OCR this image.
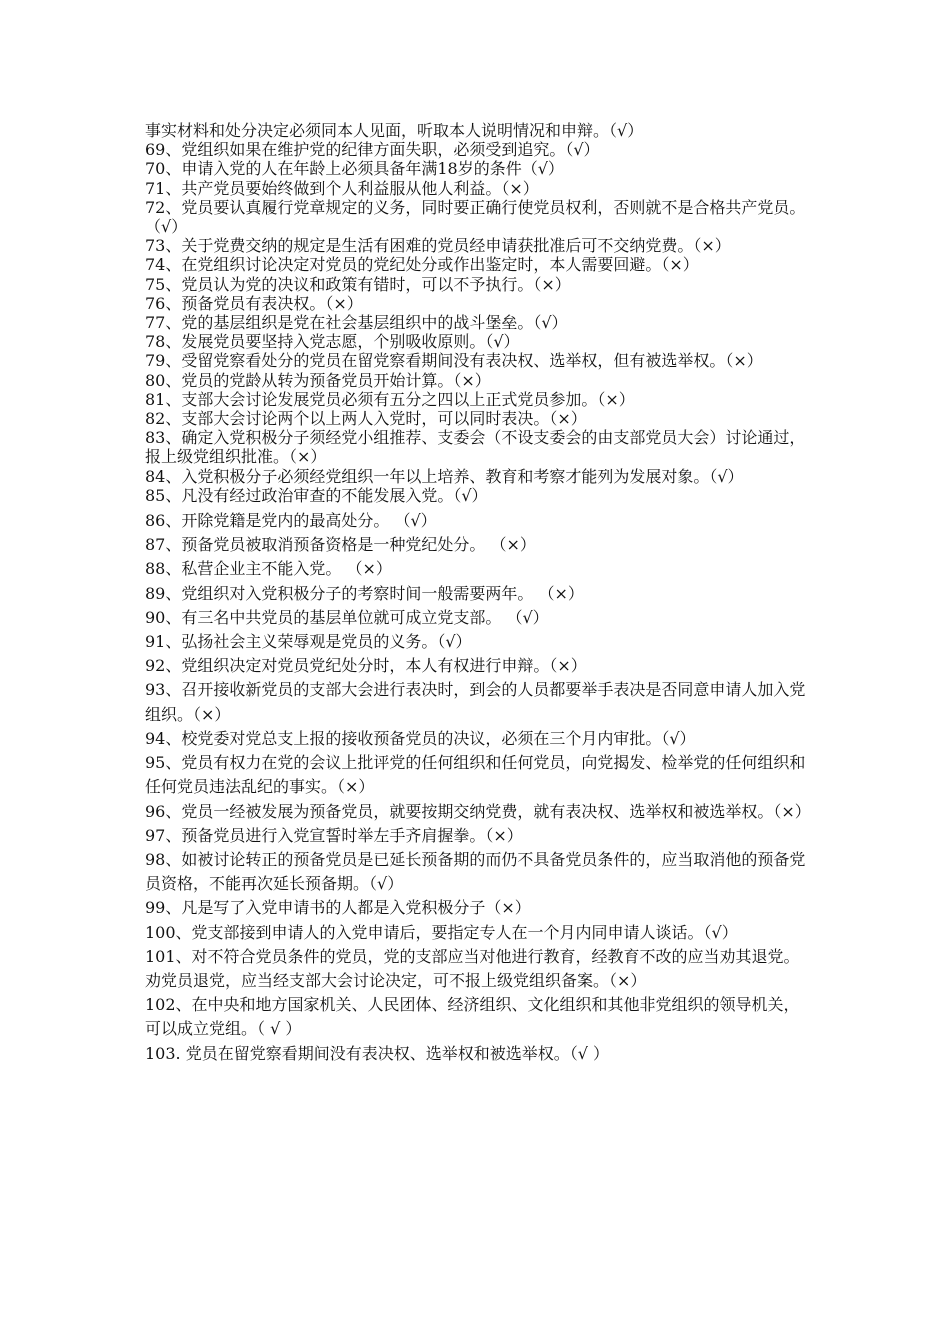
事实材料和处分决定必须同本人见面，听取本人说明情况和申辩。（√）

69、党组织如果在维护党的纪律方面失职，必须受到追究。（√）

70、申请入党的人在年龄上必须具备年满18岁的条件（√）

71、共产党员要始终做到个人利益服从他人利益。（×）

72、党员要认真履行党章规定的义务，同时要正确行使党员权利，否则就不是合格共产党员。（√）

73、关于党费交纳的规定是生活有困难的党员经申请获批准后可不交纳党费。（×）

74、在党组织讨论决定对党员的党纪处分或作出鉴定时，本人需要回避。（×）

75、党员认为党的决议和政策有错时，可以不予执行。（×）

76、预备党员有表决权。（×）

77、党的基层组织是党在社会基层组织中的战斗堡垒。（√）

78、发展党员要坚持入党志愿，个别吸收原则。（√）

79、受留党察看处分的党员在留党察看期间没有表决权、选举权，但有被选举权。（×）

80、党员的党龄从转为预备党员开始计算。（×）

81、支部大会讨论发展党员必须有五分之四以上正式党员参加。（×）

82、支部大会讨论两个以上两人入党时，可以同时表决。（×）

83、确定入党积极分子须经党小组推荐、支委会（不设支委会的由支部党员大会）讨论通过，报上级党组织批准。（×）

84、入党积极分子必须经党组织一年以上培养、教育和考察才能列为发展对象。（√）

85、凡没有经过政治审查的不能发展入党。（√）

86、开除党籍是党内的最高处分。 （√）

87、预备党员被取消预备资格是一种党纪处分。 （×）

88、私营企业主不能入党。 （×）

89、党组织对入党积极分子的考察时间一般需要两年。 （×）

90、有三名中共党员的基层单位就可成立党支部。 （√）

91、弘扬社会主义荣辱观是党员的义务。（√）

92、党组织决定对党员党纪处分时，本人有权进行申辩。（×）

93、召开接收新党员的支部大会进行表决时，到会的人员都要举手表决是否同意申请人加入党组织。（×）

94、校党委对党总支上报的接收预备党员的决议，必须在三个月内审批。（√）

95、党员有权力在党的会议上批评党的任何组织和任何党员，向党揭发、检举党的任何组织和任何党员违法乱纪的事实。（×）

96、党员一经被发展为预备党员，就要按期交纳党费，就有表决权、选举权和被选举权。（×）

97、预备党员进行入党宣誓时举左手齐肩握拳。（×）

98、如被讨论转正的预备党员是已延长预备期的而仍不具备党员条件的，应当取消他的预备党员资格，不能再次延长预备期。（√）

99、凡是写了入党申请书的人都是入党积极分子（×）

100、党支部接到申请人的入党申请后，要指定专人在一个月内同申请人谈话。（√）

101、对不符合党员条件的党员，党的支部应当对他进行教育，经教育不改的应当劝其退党。劝党员退党，应当经支部大会讨论决定，可不报上级党组织备案。（×）

102、在中央和地方国家机关、人民团体、经济组织、文化组织和其他非党组织的领导机关，可以成立党组。（ √ ）

103. 党员在留党察看期间没有表决权、选举权和被选举权。（√ ）
